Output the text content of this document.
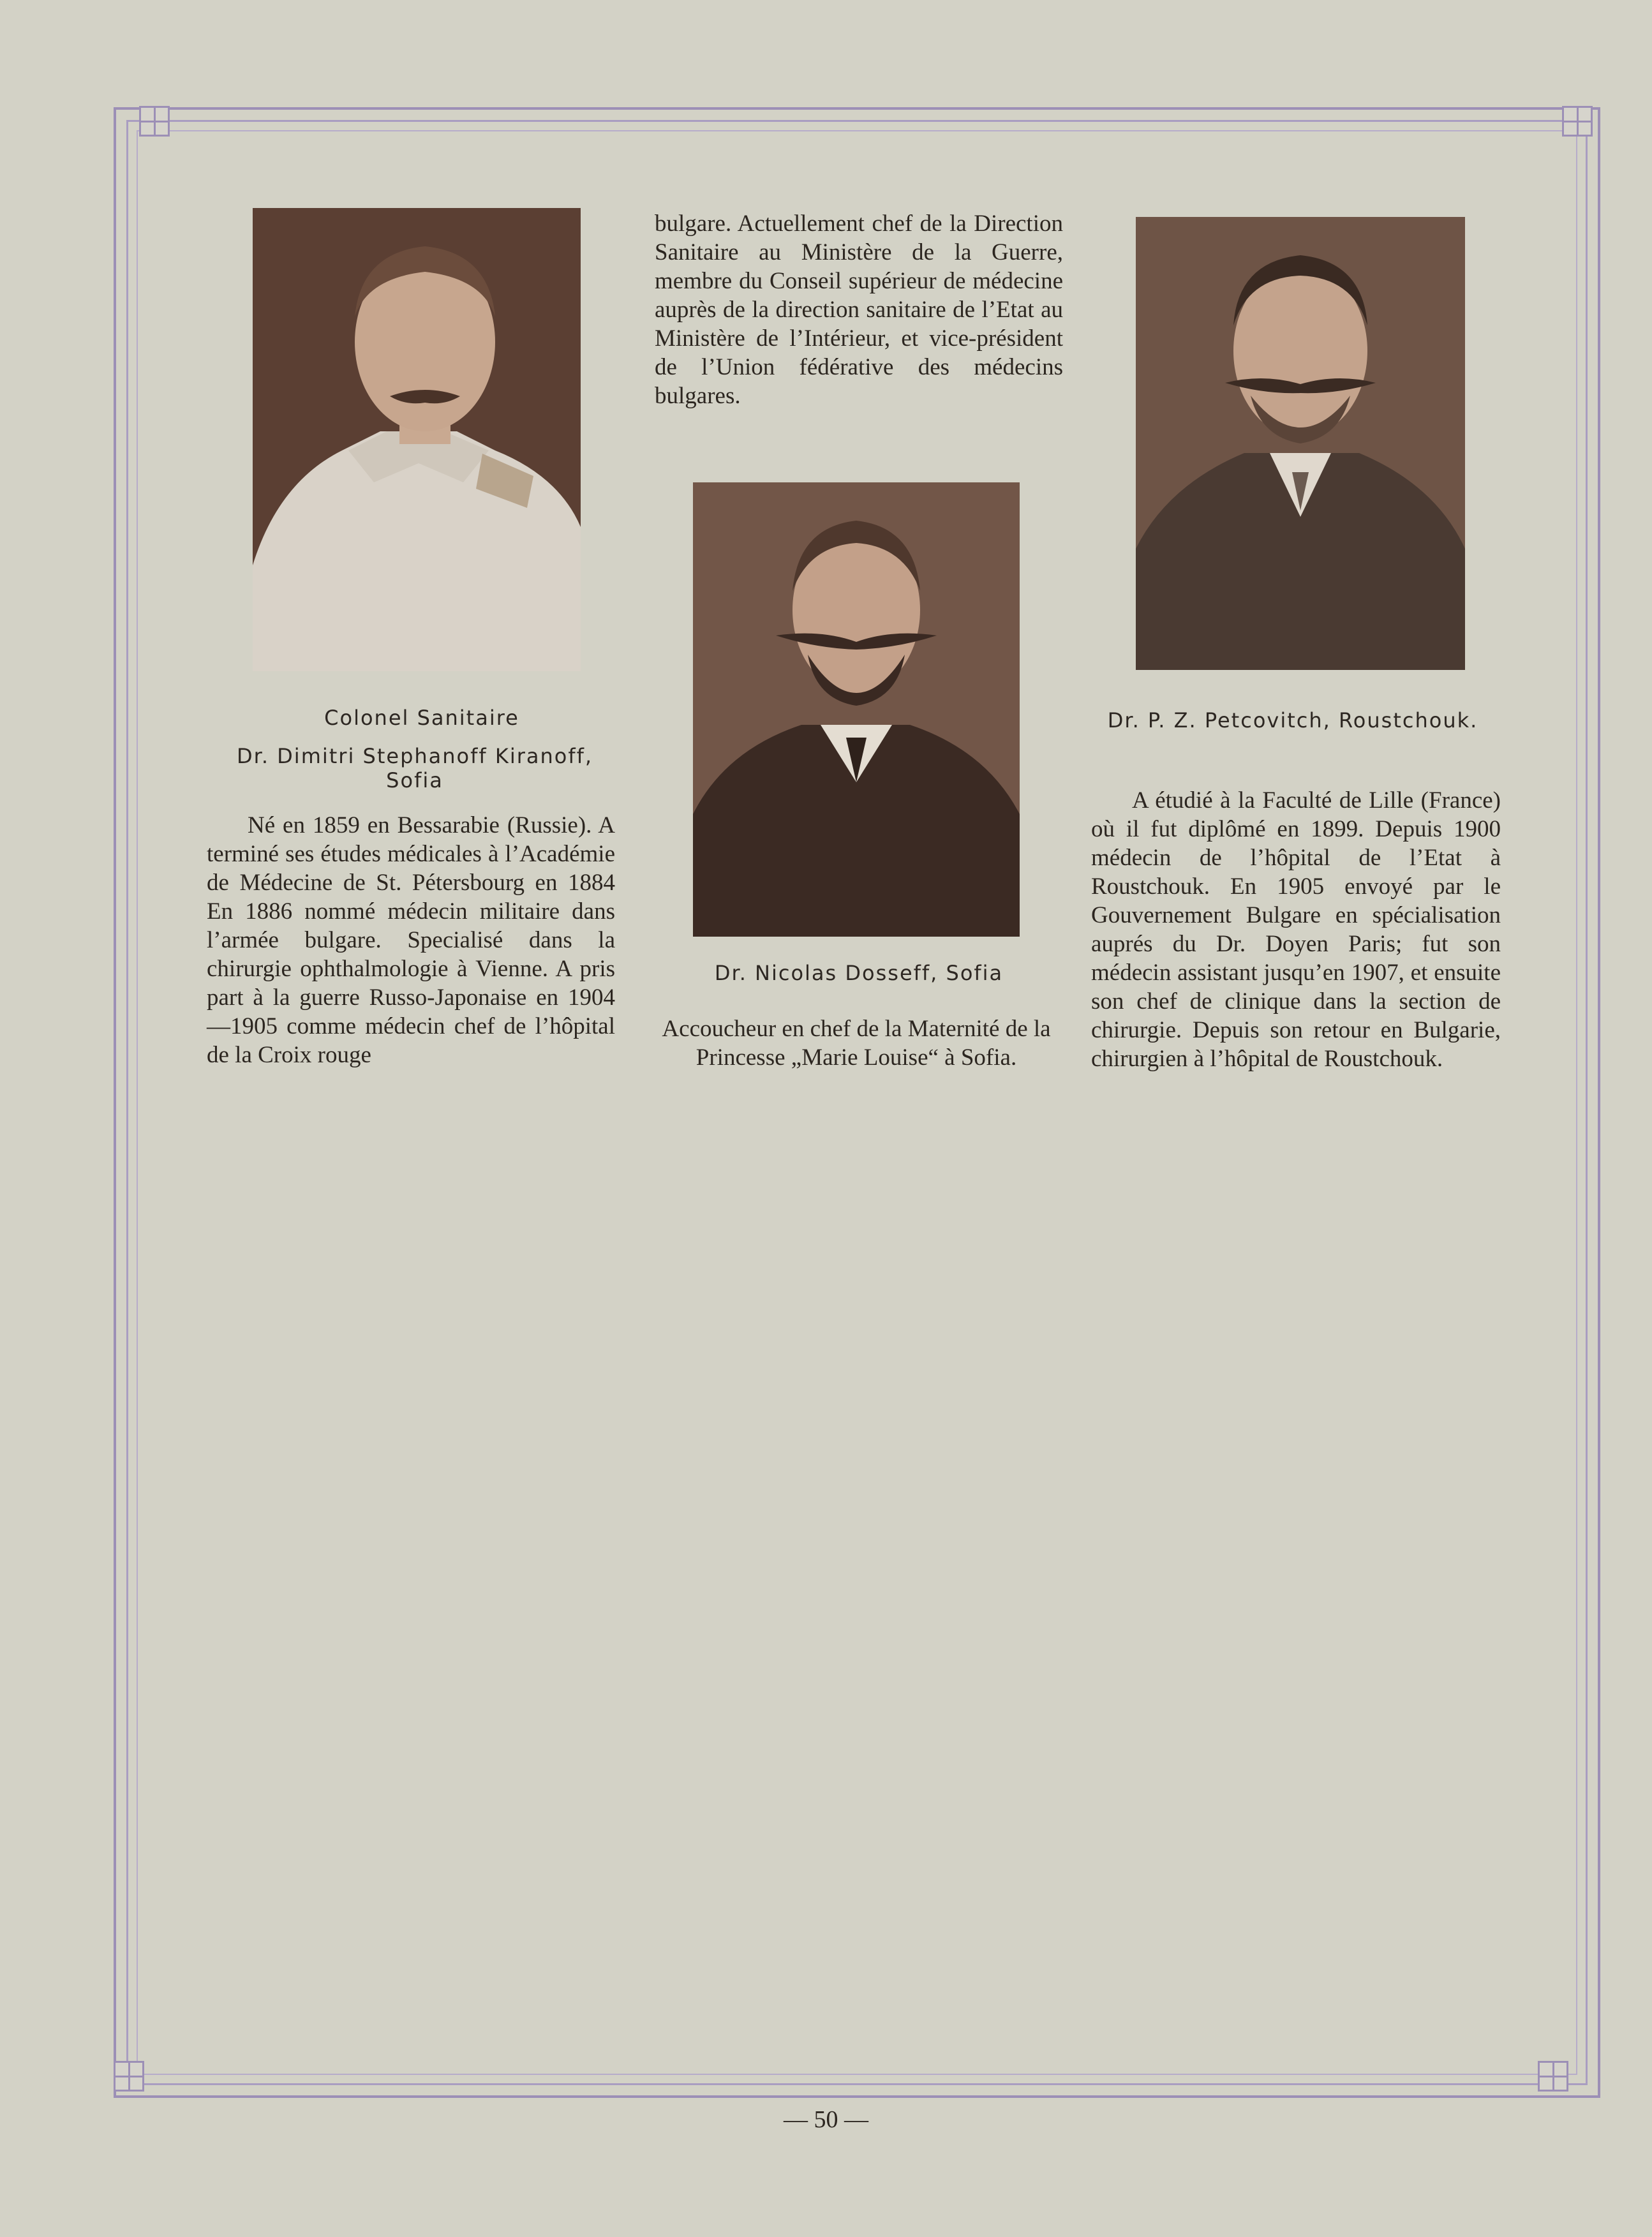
Colonel Sanitaire
Dr. Dimitri Stephanoff Kiranoff, Sofia

Né en 1859 en Bessarabie (Russie). A terminé ses études médicales à l’Académie de Médecine de St. Pétersbourg en 1884 En 1886 nommé médecin militaire dans l’armée bulgare. Specialisé dans la chirurgie ophthalmologie à Vienne. A pris part à la guerre Russo-Japonaise en 1904—1905 comme médecin chef de l’hôpital de la Croix rouge

bulgare. Actuellement chef de la Direction Sanitaire au Ministère de la Guerre, membre du Conseil supérieur de médecine auprès de la direction sanitaire de l’Etat au Ministère de l’Intérieur, et vice-président de l’Union fédérative des médecins bulgares.

Dr. Nicolas Dosseff, Sofia

Accoucheur en chef de la Maternité de la Princesse „Marie Louise“ à Sofia.

Dr. P. Z. Petcovitch, Roustchouk.

A étudié à la Faculté de Lille (France) où il fut diplômé en 1899. Depuis 1900 médecin de l’hôpital de l’Etat à Roustchouk. En 1905 envoyé par le Gouvernement Bulgare en spécialisation auprés du Dr. Doyen Paris; fut son médecin assistant jusqu’en 1907, et ensuite son chef de clinique dans la section de chirurgie. Depuis son retour en Bulgarie, chirurgien à l’hôpital de Roustchouk.

— 50 —
